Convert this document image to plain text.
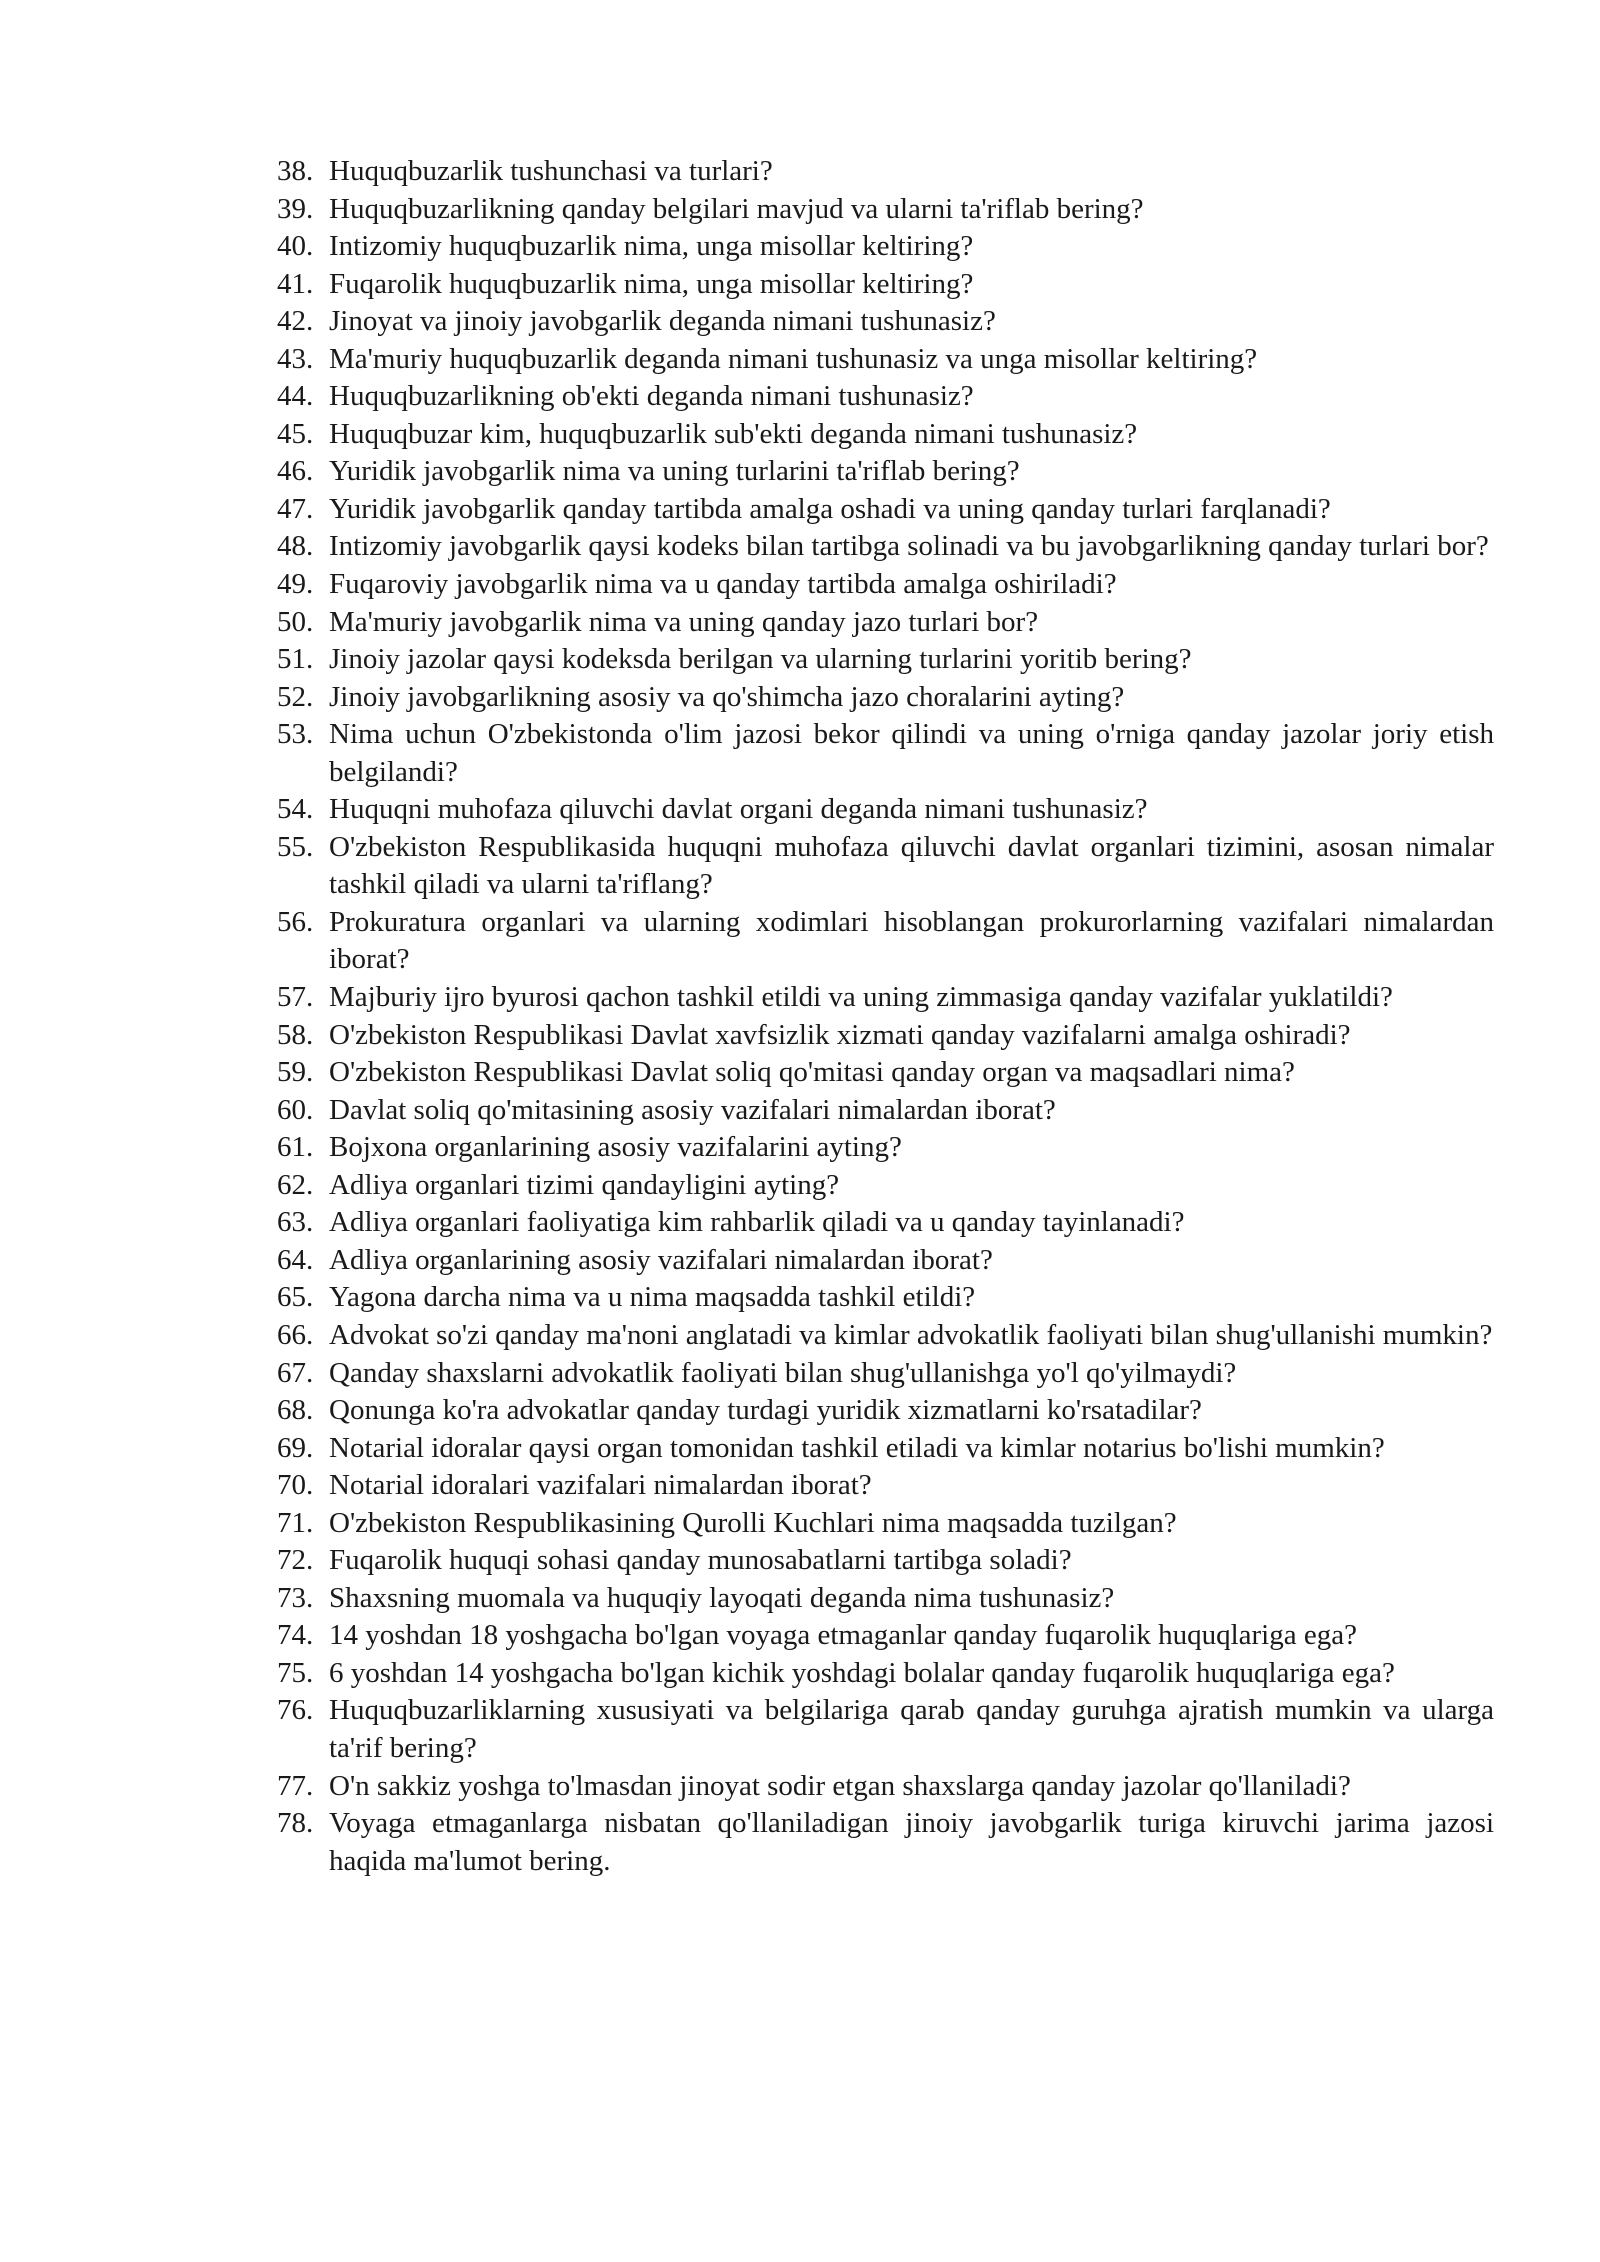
38. Huquqbuzarlik tushunchasi va turlari?
39. Huquqbuzarlikning qanday belgilari mavjud va ularni ta'riflab bering?
40. Intizomiy huquqbuzarlik nima, unga misollar keltiring?
41. Fuqarolik huquqbuzarlik nima, unga misollar keltiring?
42. Jinoyat va jinoiy javobgarlik deganda nimani tushunasiz?
43. Ma'muriy huquqbuzarlik deganda nimani tushunasiz va unga misollar keltiring?
44. Huquqbuzarlikning ob'ekti deganda nimani tushunasiz?
45. Huquqbuzar kim, huquqbuzarlik sub'ekti deganda nimani tushunasiz?
46. Yuridik javobgarlik nima va uning turlarini ta'riflab bering?
47. Yuridik javobgarlik qanday tartibda amalga oshadi va uning qanday turlari farqlanadi?
48. Intizomiy javobgarlik qaysi kodeks bilan tartibga solinadi va bu javobgarlikning qanday turlari bor?
49. Fuqaroviy javobgarlik nima va u qanday tartibda amalga oshiriladi?
50. Ma'muriy javobgarlik nima va uning qanday jazo turlari bor?
51. Jinoiy jazolar qaysi kodeksda berilgan va ularning turlarini yoritib bering?
52. Jinoiy javobgarlikning asosiy va qo'shimcha jazo choralarini ayting?
53. Nima uchun O'zbekistonda o'lim jazosi bekor qilindi va uning o'rniga qanday jazolar joriy etish belgilandi?
54. Huquqni muhofaza qiluvchi davlat organi deganda nimani tushunasiz?
55. O'zbekiston Respublikasida huquqni muhofaza qiluvchi davlat organlari tizimini, asosan nimalar tashkil qiladi va ularni ta'riflang?
56. Prokuratura organlari va ularning xodimlari hisoblangan prokurorlarning vazifalari nimalardan iborat?
57. Majburiy ijro byurosi qachon tashkil etildi va uning zimmasiga qanday vazifalar yuklatildi?
58. O'zbekiston Respublikasi Davlat xavfsizlik xizmati qanday vazifalarni amalga oshiradi?
59. O'zbekiston Respublikasi Davlat soliq qo'mitasi qanday organ va maqsadlari nima?
60. Davlat soliq qo'mitasining asosiy vazifalari nimalardan iborat?
61. Bojxona organlarining asosiy vazifalarini ayting?
62. Adliya organlari tizimi qandayligini ayting?
63. Adliya organlari faoliyatiga kim rahbarlik qiladi va u qanday tayinlanadi?
64. Adliya organlarining asosiy vazifalari nimalardan iborat?
65. Yagona darcha nima va u nima maqsadda tashkil etildi?
66. Advokat so'zi qanday ma'noni anglatadi va kimlar advokatlik faoliyati bilan shug'ullanishi mumkin?
67. Qanday shaxslarni advokatlik faoliyati bilan shug'ullanishga yo'l qo'yilmaydi?
68. Qonunga ko'ra advokatlar qanday turdagi yuridik xizmatlarni ko'rsatadilar?
69. Notarial idoralar qaysi organ tomonidan tashkil etiladi va kimlar notarius bo'lishi mumkin?
70. Notarial idoralari vazifalari nimalardan iborat?
71. O'zbekiston Respublikasining Qurolli Kuchlari nima maqsadda tuzilgan?
72. Fuqarolik huquqi sohasi qanday munosabatlarni tartibga soladi?
73. Shaxsning muomala va huquqiy layoqati deganda nima tushunasiz?
74. 14 yoshdan 18 yoshgacha bo'lgan voyaga etmaganlar qanday fuqarolik huquqlariga ega?
75. 6 yoshdan 14 yoshgacha bo'lgan kichik yoshdagi bolalar qanday fuqarolik huquqlariga ega?
76. Huquqbuzarliklarning xususiyati va belgilariga qarab qanday guruhga ajratish mumkin va ularga ta'rif bering?
77. O'n sakkiz yoshga to'lmasdan jinoyat sodir etgan shaxslarga qanday jazolar qo'llaniladi?
78. Voyaga etmaganlarga nisbatan qo'llaniladigan jinoiy javobgarlik turiga kiruvchi jarima jazosi haqida ma'lumot bering.
